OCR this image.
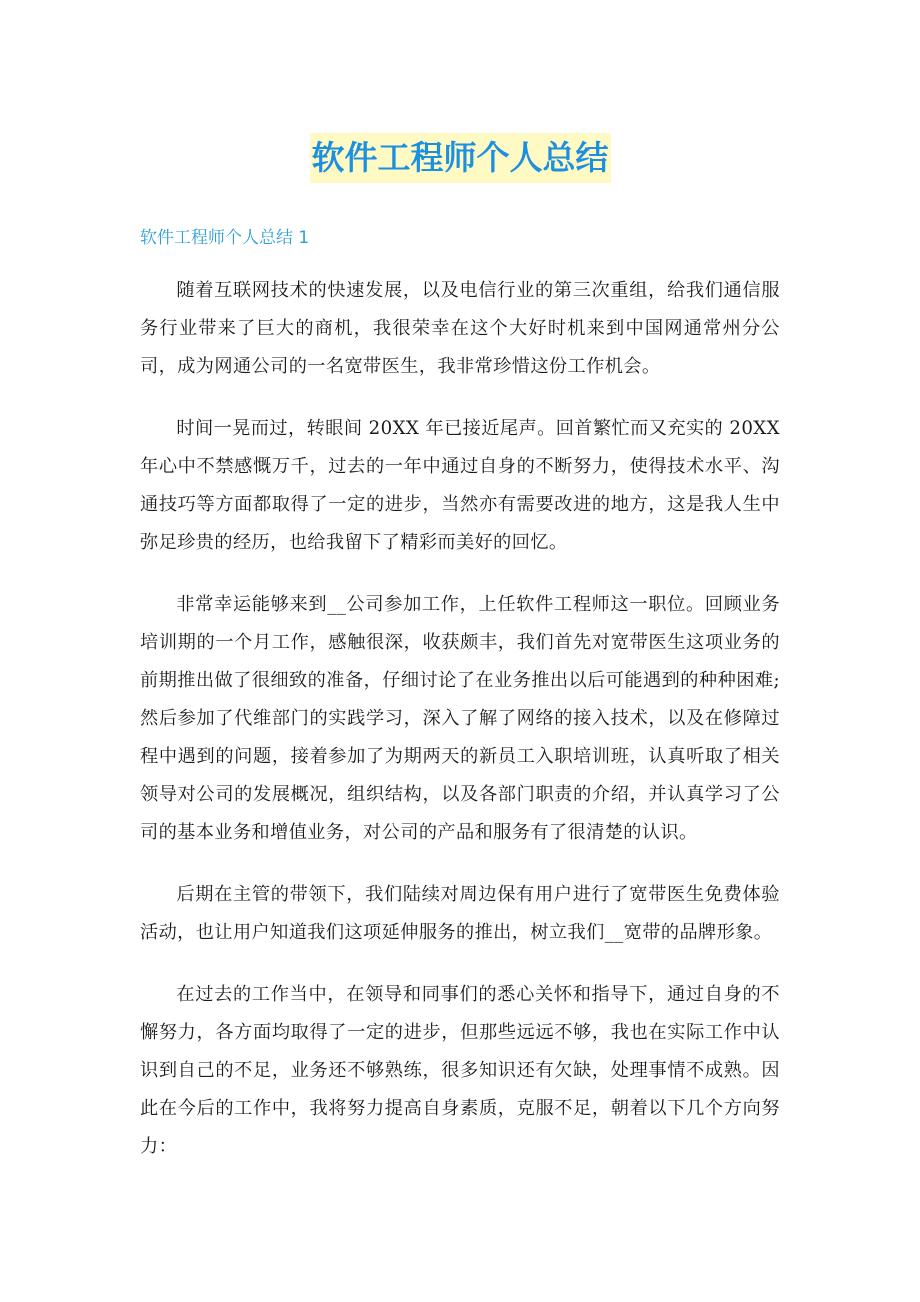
软件工程师个人总结
软件工程师个人总结 1

随着互联网技术的快速发展，以及电信行业的第三次重组，给我们通信服务行业带来了巨大的商机，我很荣幸在这个大好时机来到中国网通常州分公司，成为网通公司的一名宽带医生，我非常珍惜这份工作机会。

时间一晃而过，转眼间 20XX 年已接近尾声。回首繁忙而又充实的 20XX 年心中不禁感慨万千，过去的一年中通过自身的不断努力，使得技术水平、沟通技巧等方面都取得了一定的进步，当然亦有需要改进的地方，这是我人生中弥足珍贵的经历，也给我留下了精彩而美好的回忆。

非常幸运能够来到__公司参加工作，上任软件工程师这一职位。回顾业务培训期的一个月工作，感触很深，收获颇丰，我们首先对宽带医生这项业务的前期推出做了很细致的准备，仔细讨论了在业务推出以后可能遇到的种种困难;然后参加了代维部门的实践学习，深入了解了网络的接入技术，以及在修障过程中遇到的问题，接着参加了为期两天的新员工入职培训班，认真听取了相关领导对公司的发展概况，组织结构，以及各部门职责的介绍，并认真学习了公司的基本业务和增值业务，对公司的产品和服务有了很清楚的认识。

后期在主管的带领下，我们陆续对周边保有用户进行了宽带医生免费体验活动，也让用户知道我们这项延伸服务的推出，树立我们__宽带的品牌形象。

在过去的工作当中，在领导和同事们的悉心关怀和指导下，通过自身的不懈努力，各方面均取得了一定的进步，但那些远远不够，我也在实际工作中认识到自己的不足，业务还不够熟练，很多知识还有欠缺，处理事情不成熟。因此在今后的工作中，我将努力提高自身素质，克服不足，朝着以下几个方向努力：
